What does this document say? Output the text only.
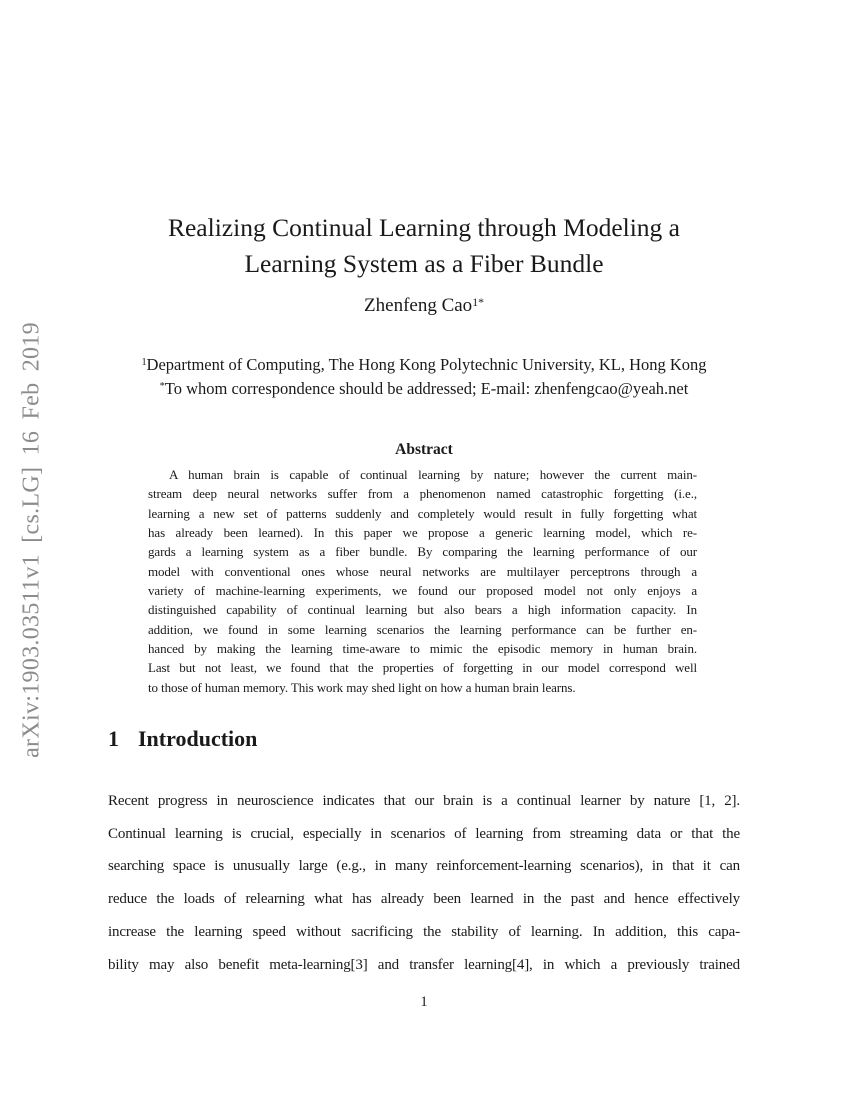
arXiv:1903.03511v1 [cs.LG] 16 Feb 2019
Realizing Continual Learning through Modeling a
Learning System as a Fiber Bundle
Zhenfeng Cao$^{1*}$
$^1$Department of Computing, The Hong Kong Polytechnic University, KL, Hong Kong
*To whom correspondence should be addressed; E-mail: zhenfengcao@yeah.net
Abstract
A human brain is capable of continual learning by nature; however the current main-
stream deep neural networks suffer from a phenomenon named catastrophic forgetting (i.e.,
learning a new set of patterns suddenly and completely would result in fully forgetting what
has already been learned). In this paper we propose a generic learning model, which re-
gards a learning system as a fiber bundle. By comparing the learning performance of our
model with conventional ones whose neural networks are multilayer perceptrons through a
variety of machine-learning experiments, we found our proposed model not only enjoys a
distinguished capability of continual learning but also bears a high information capacity. In
addition, we found in some learning scenarios the learning performance can be further en-
hanced by making the learning time-aware to mimic the episodic memory in human brain.
Last but not least, we found that the properties of forgetting in our model correspond well
to those of human memory. This work may shed light on how a human brain learns.
1 Introduction
Recent progress in neuroscience indicates that our brain is a continual learner by nature [1, 2].
Continual learning is crucial, especially in scenarios of learning from streaming data or that the
searching space is unusually large (e.g., in many reinforcement-learning scenarios), in that it can
reduce the loads of relearning what has already been learned in the past and hence effectively
increase the learning speed without sacrificing the stability of learning. In addition, this capa-
bility may also benefit meta-learning[3] and transfer learning[4], in which a previously trained
1
